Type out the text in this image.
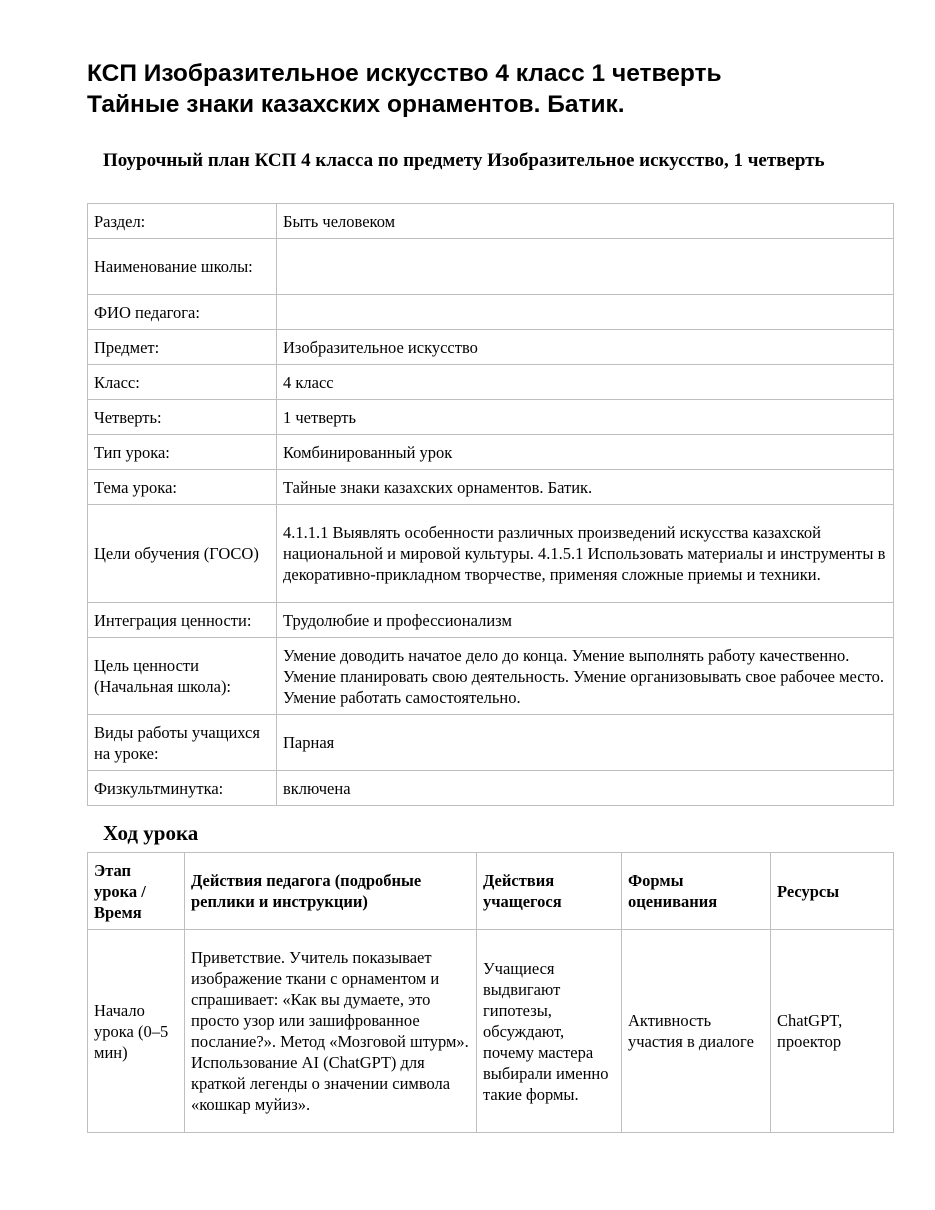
КСП Изобразительное искусство 4 класс 1 четверть
Тайные знаки казахских орнаментов. Батик.
Поурочный план КСП 4 класса по предмету Изобразительное искусство, 1 четверть
Раздел:	Быть человеком
Наименование школы:	
ФИО педагога:	
Предмет:	Изобразительное искусство
Класс:	4 класс
Четверть:	1 четверть
Тип урока:	Комбинированный урок
Тема урока:	Тайные знаки казахских орнаментов. Батик.
Цели обучения (ГОСО)	4.1.1.1 Выявлять особенности различных произведений искусства казахской национальной и мировой культуры. 4.1.5.1 Использовать материалы и инструменты в декоративно-прикладном творчестве, применяя сложные приемы и техники.
Интеграция ценности:	Трудолюбие и профессионализм
Цель ценности (Начальная школа):	Умение доводить начатое дело до конца. Умение выполнять работу качественно. Умение планировать свою деятельность. Умение организовывать свое рабочее место. Умение работать самостоятельно.
Виды работы учащихся на уроке:	Парная
Физкультминутка:	включена
Ход урока
Этап урока / Время	Действия педагога (подробные реплики и инструкции)	Действия учащегося	Формы оценивания	Ресурсы
Начало урока (0–5 мин)	Приветствие. Учитель показывает изображение ткани с орнаментом и спрашивает: «Как вы думаете, это просто узор или зашифрованное послание?». Метод «Мозговой штурм». Использование AI (ChatGPT) для краткой легенды о значении символа «кошкар муйиз».	Учащиеся выдвигают гипотезы, обсуждают, почему мастера выбирали именно такие формы.	Активность участия в диалоге	ChatGPT, проектор
